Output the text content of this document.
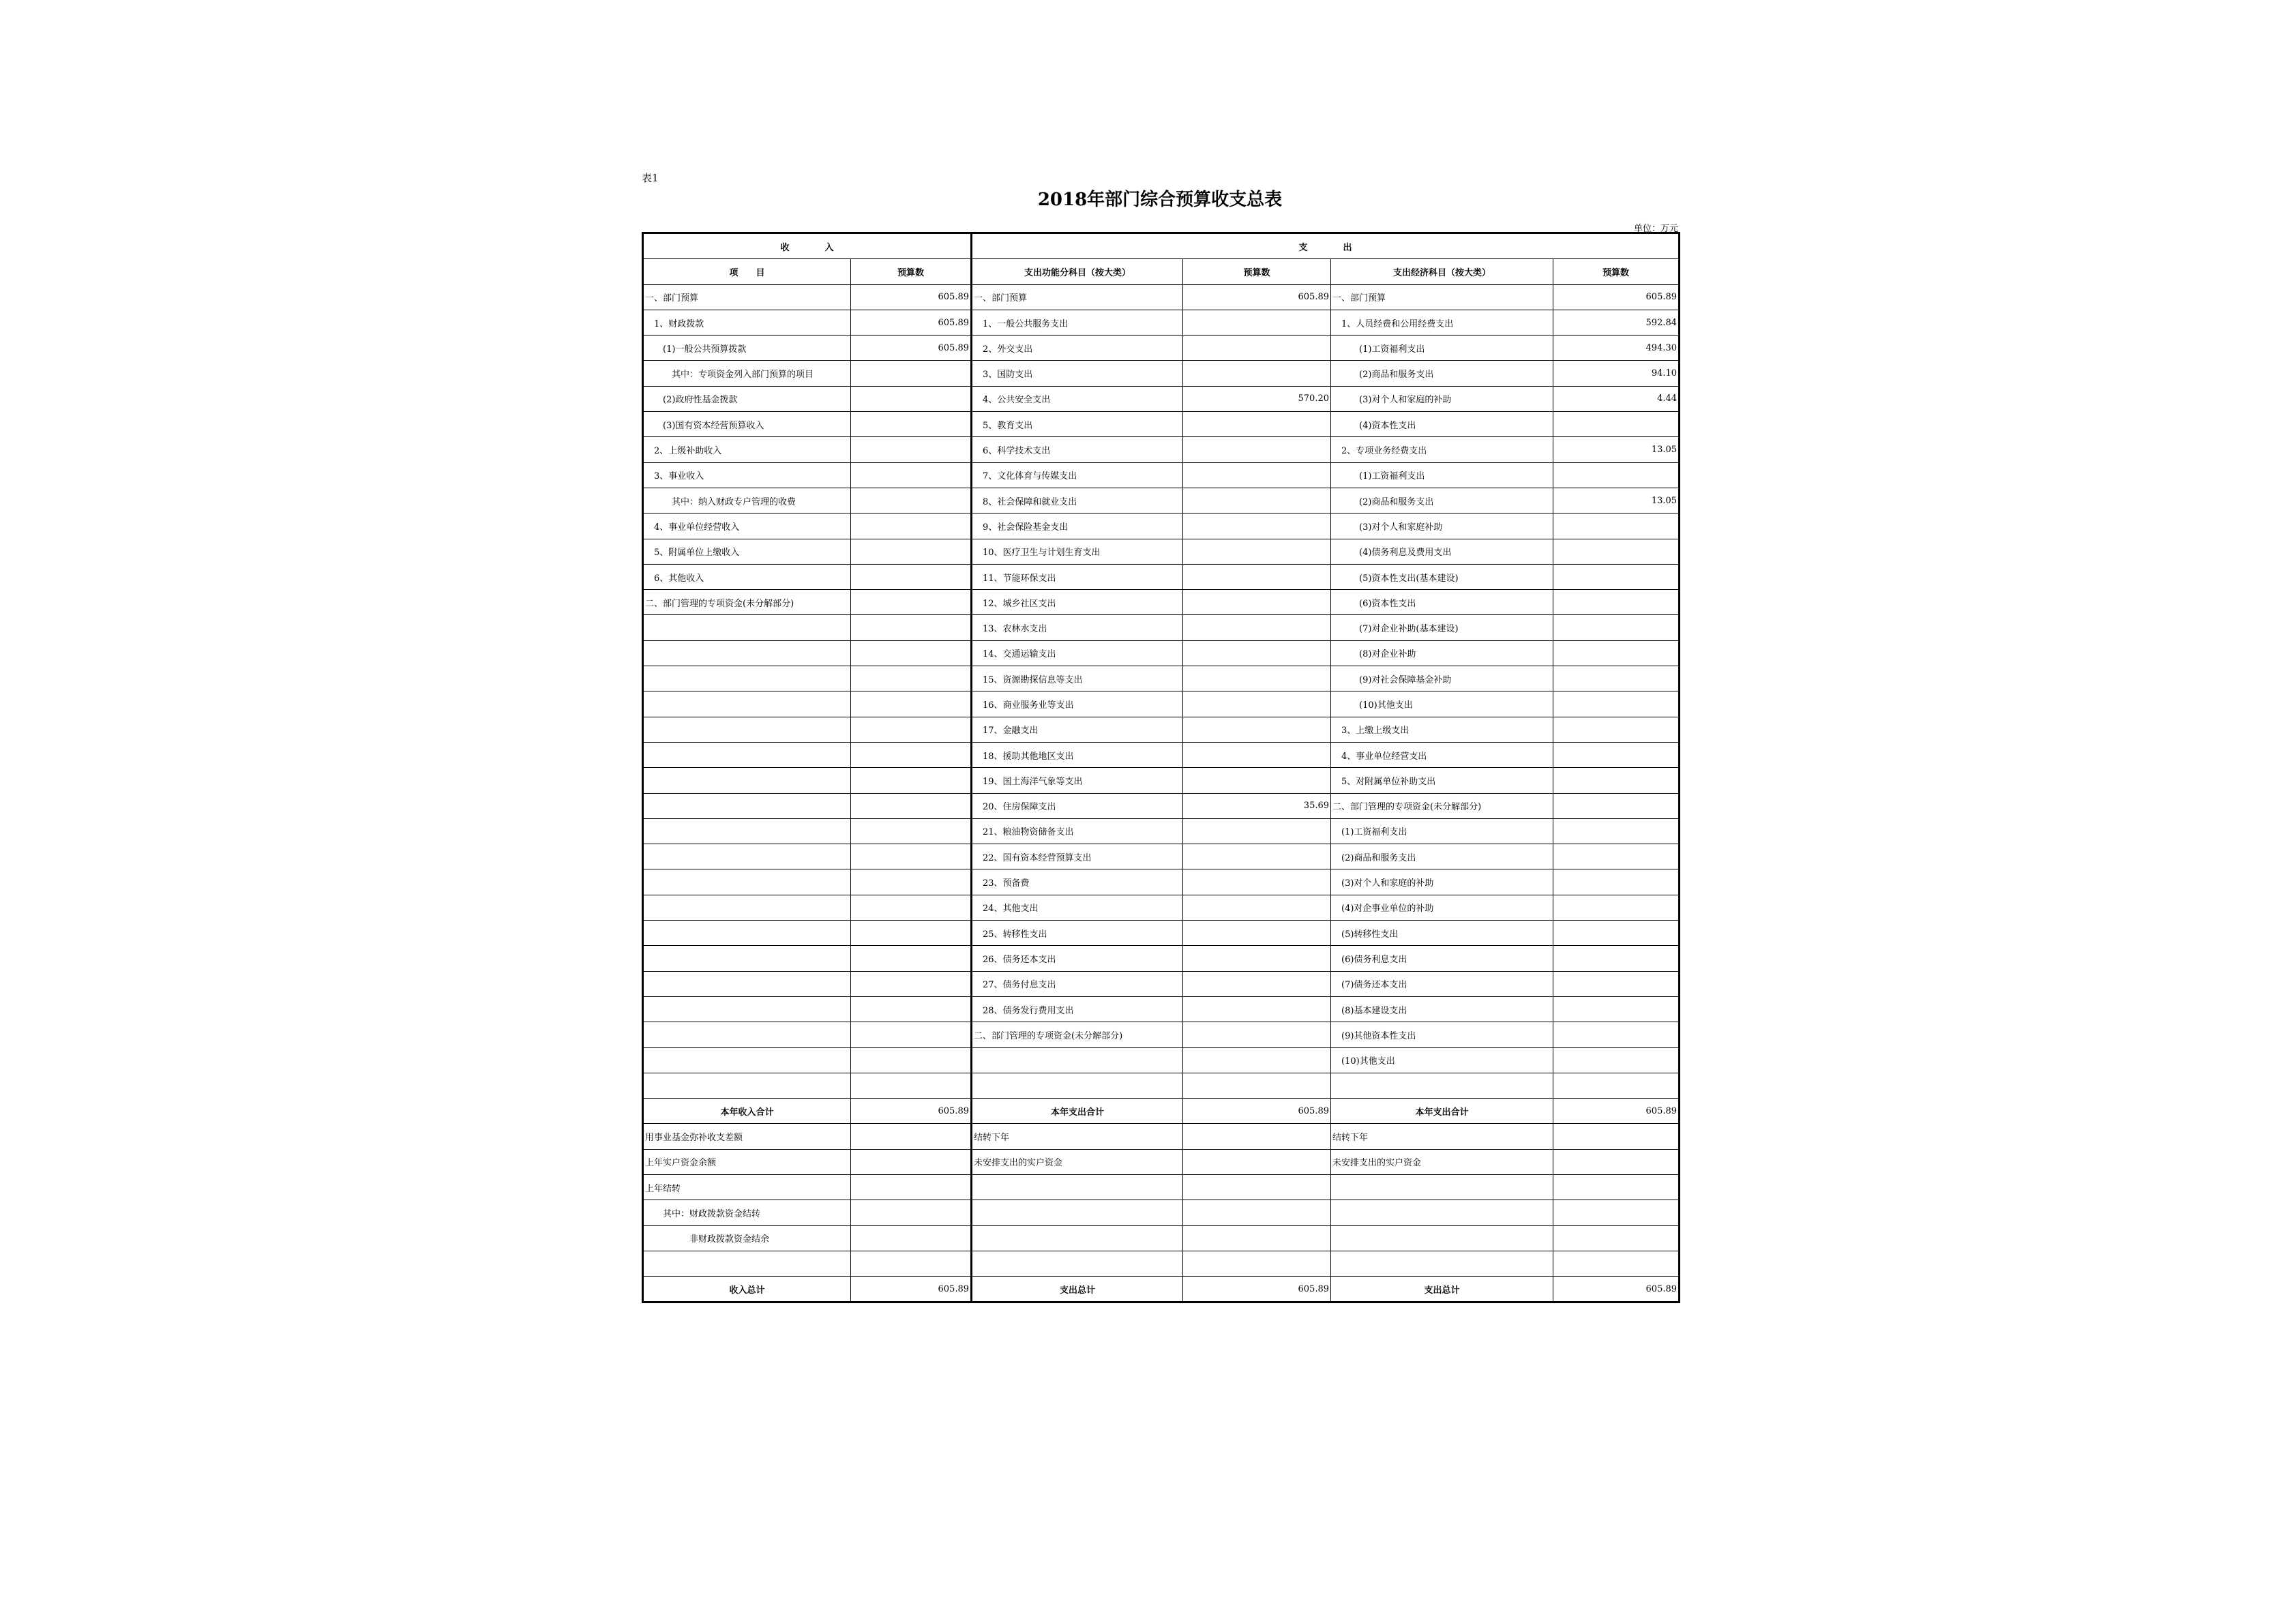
表1
2018年部门综合预算收支总表
单位：万元
收　　　　入		支　　　　出			
项　　目	预算数	支出功能分科目（按大类）	预算数	支出经济科目（按大类）	预算数
一、部门预算	605.89	一、部门预算	605.89	一、部门预算	605.89
　1、财政拨款	605.89	　1、一般公共服务支出		　1、人员经费和公用经费支出	592.84
　　(1)一般公共预算拨款	605.89	　2、外交支出		　　　(1)工资福利支出	494.30
　　　其中：专项资金列入部门预算的项目		　3、国防支出		　　　(2)商品和服务支出	94.10
　　(2)政府性基金拨款		　4、公共安全支出	570.20	　　　(3)对个人和家庭的补助	4.44
　　(3)国有资本经营预算收入		　5、教育支出		　　　(4)资本性支出	
　2、上级补助收入		　6、科学技术支出		　2、专项业务经费支出	13.05
　3、事业收入		　7、文化体育与传媒支出		　　　(1)工资福利支出	
　　　其中：纳入财政专户管理的收费		　8、社会保障和就业支出		　　　(2)商品和服务支出	13.05
　4、事业单位经营收入		　9、社会保险基金支出		　　　(3)对个人和家庭补助	
　5、附属单位上缴收入		　10、医疗卫生与计划生育支出		　　　(4)债务利息及费用支出	
　6、其他收入		　11、节能环保支出		　　　(5)资本性支出(基本建设)	
二、部门管理的专项资金(未分解部分)		　12、城乡社区支出		　　　(6)资本性支出	
		　13、农林水支出		　　　(7)对企业补助(基本建设)	
		　14、交通运输支出		　　　(8)对企业补助	
		　15、资源勘探信息等支出		　　　(9)对社会保障基金补助	
		　16、商业服务业等支出		　　　(10)其他支出	
		　17、金融支出		　3、上缴上级支出	
		　18、援助其他地区支出		　4、事业单位经营支出	
		　19、国土海洋气象等支出		　5、对附属单位补助支出	
		　20、住房保障支出	35.69	二、部门管理的专项资金(未分解部分)	
		　21、粮油物资储备支出		　(1)工资福利支出	
		　22、国有资本经营预算支出		　(2)商品和服务支出	
		　23、预备费		　(3)对个人和家庭的补助	
		　24、其他支出		　(4)对企事业单位的补助	
		　25、转移性支出		　(5)转移性支出	
		　26、债务还本支出		　(6)债务利息支出	
		　27、债务付息支出		　(7)债务还本支出	
		　28、债务发行费用支出		　(8)基本建设支出	
		二、部门管理的专项资金(未分解部分)		　(9)其他资本性支出	
				　(10)其他支出	

本年收入合计	605.89	本年支出合计	605.89	本年支出合计	605.89
用事业基金弥补收支差额		结转下年		结转下年	
上年实户资金余额		未安排支出的实户资金		未安排支出的实户资金	
上年结转					
　　其中：财政拨款资金结转					
　　　　　非财政拨款资金结余					

收入总计	605.89	支出总计	605.89	支出总计	605.89
